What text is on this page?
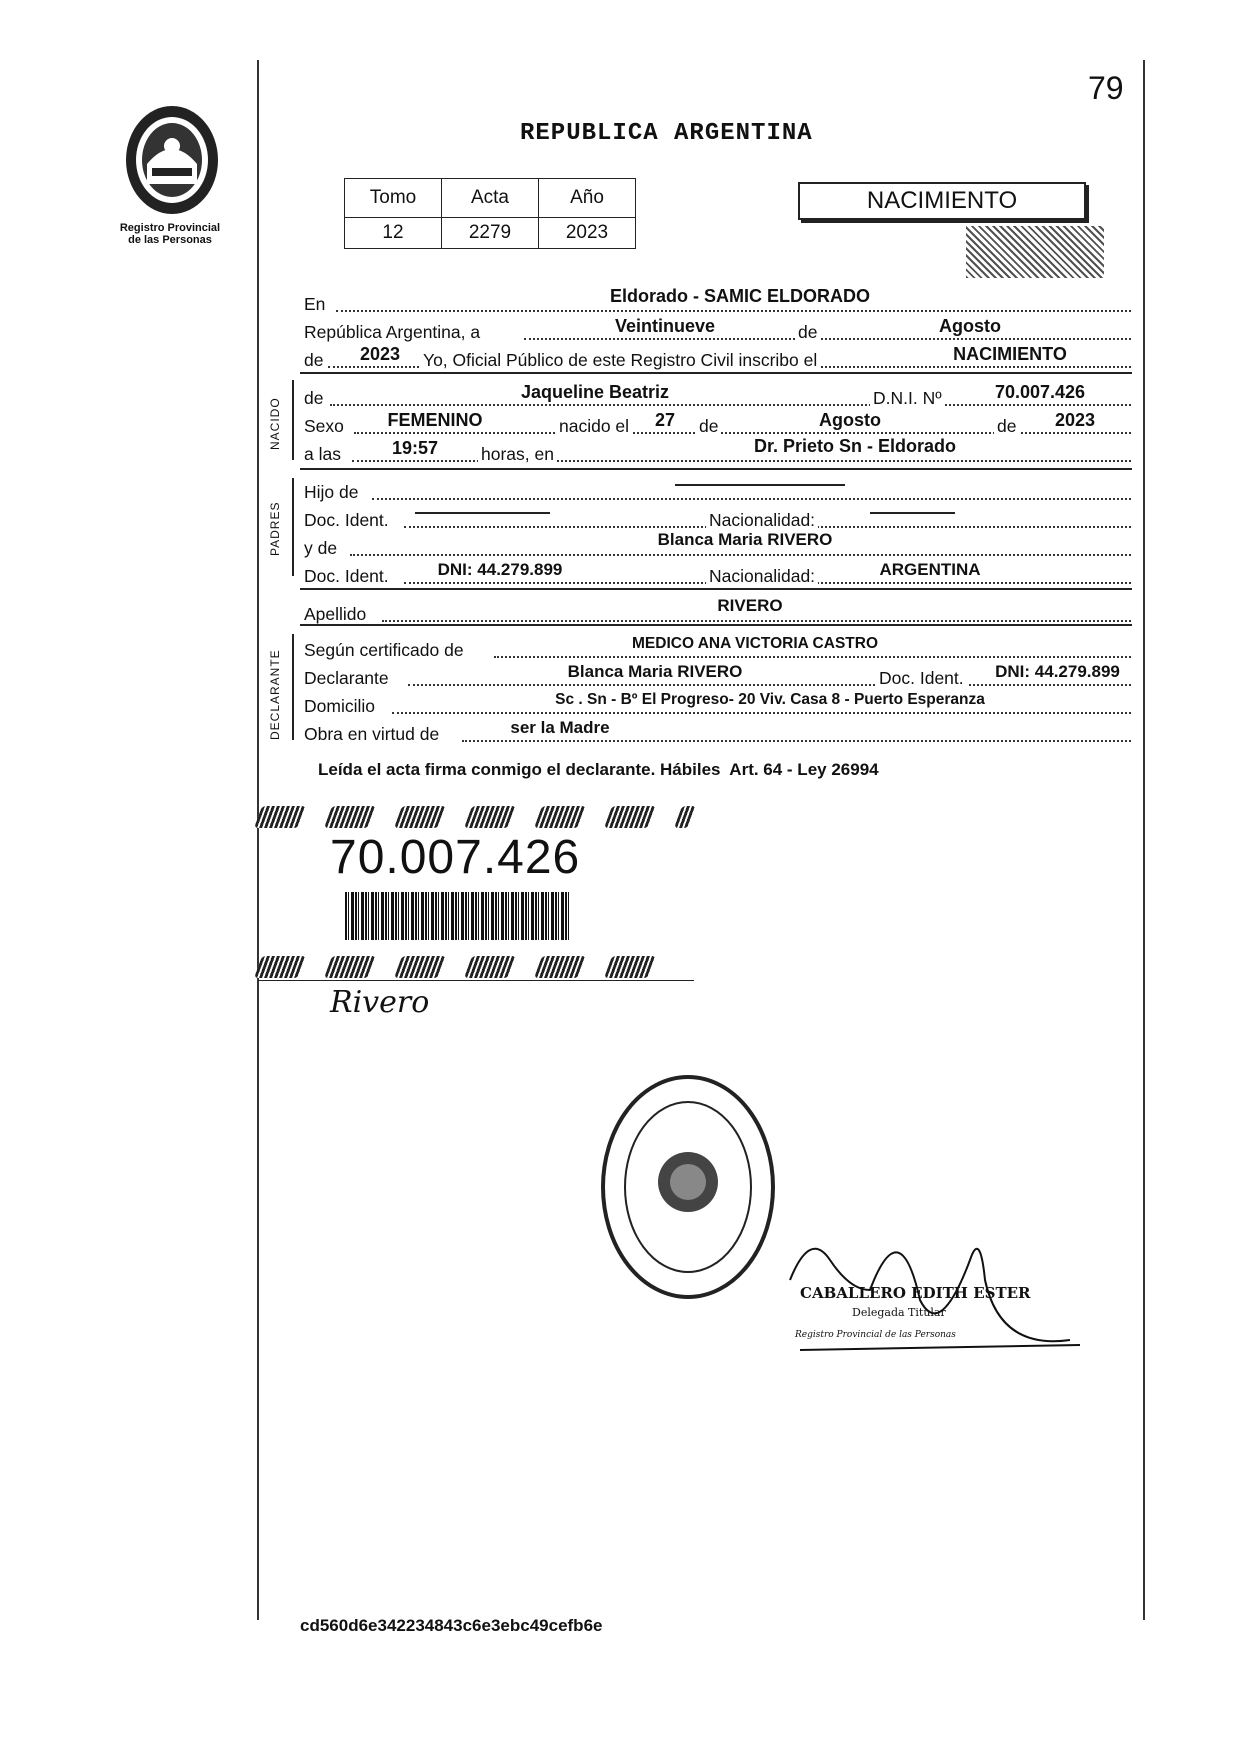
79
Registro Provincial
de las Personas
REPUBLICA ARGENTINA
Tomo	Acta	Año
12	2279	2023
NACIMIENTO
En	Eldorado - SAMIC ELDORADO
República Argentina, a	Veintinueve	de	Agosto
de	2023	Yo, Oficial Público de este Registro Civil inscribo el	NACIMIENTO
NACIDO de	Jaqueline Beatriz	D.N.I. Nº	70.007.426
Sexo	FEMENINO	nacido el 27 de	Agosto	de	2023
a las	19:57	horas, en	Dr. Prieto Sn - Eldorado
PADRES
Hijo de
Doc. Ident.	Nacionalidad:
y de	Blanca Maria RIVERO
Doc. Ident.	DNI: 44.279.899	Nacionalidad:	ARGENTINA
Apellido	RIVERO
DECLARANTE Según certificado de	MEDICO ANA VICTORIA CASTRO
Declarante	Blanca Maria RIVERO	Doc. Ident.	DNI: 44.279.899
Domicilio	Sc . Sn - Bº El Progreso- 20 Viv. Casa 8 - Puerto Esperanza
Obra en virtud de	ser la Madre
Leída el acta firma conmigo el declarante. Hábiles  Art. 64 - Ley 26994
70.007.426
Rivero
CABALLERO EDITH ESTER
Delegada Titular
Registro Provincial de las Personas
cd560d6e342234843c6e3ebc49cefb6e
